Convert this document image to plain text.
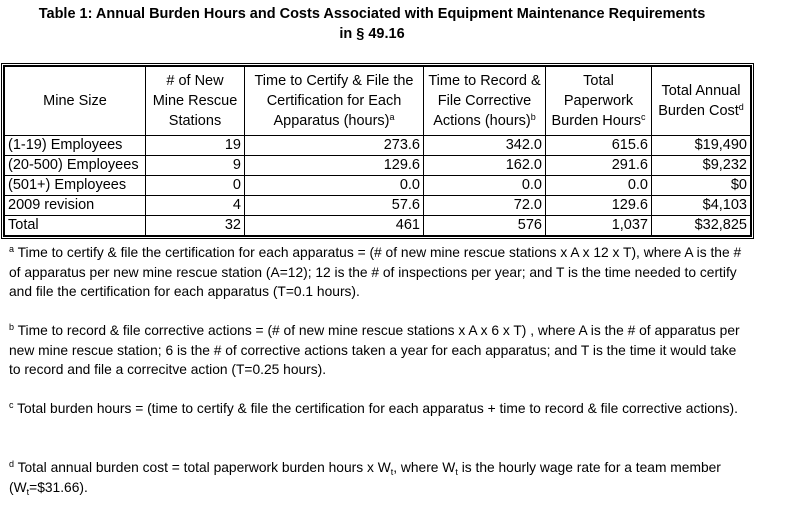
Table 1: Annual Burden Hours and Costs Associated with Equipment Maintenance Requirements
in § 49.16
Mine Size	# of New Mine Rescue Stations	Time to Certify & File the Certification for Each Apparatus (hours)$^a$	Time to Record & File Corrective Actions (hours)$^b$	Total Paperwork Burden Hours$^c$	Total Annual Burden Cost$^d$
(1-19) Employees	19	273.6	342.0	615.6	$19,490
(20-500) Employees	9	129.6	162.0	291.6	$9,232
(501+) Employees	0	0.0	0.0	0.0	$0
2009 revision	4	57.6	72.0	129.6	$4,103
Total	32	461	576	1,037	$32,825
$^a$ Time to certify & file the certification for each apparatus = (# of new mine rescue stations x A x 12 x T), where A is the # of apparatus per new mine rescue station (A=12); 12 is the # of inspections per year; and T is the time needed to certify and file the certification for each apparatus (T=0.1 hours).
$^b$ Time to record & file corrective actions = (# of new mine rescue stations x A x 6 x T) , where A is the # of apparatus per new mine rescue station; 6 is the # of corrective actions taken a year for each apparatus; and T is the time it would take to record and file a correcitve action (T=0.25 hours).
$^c$ Total burden hours = (time to certify & file the certification for each apparatus + time to record & file corrective actions).
$^d$ Total annual burden cost = total paperwork burden hours x $W_t$, where $W_t$ is the hourly wage rate for a team member $(W_t=\$31.66)$.
